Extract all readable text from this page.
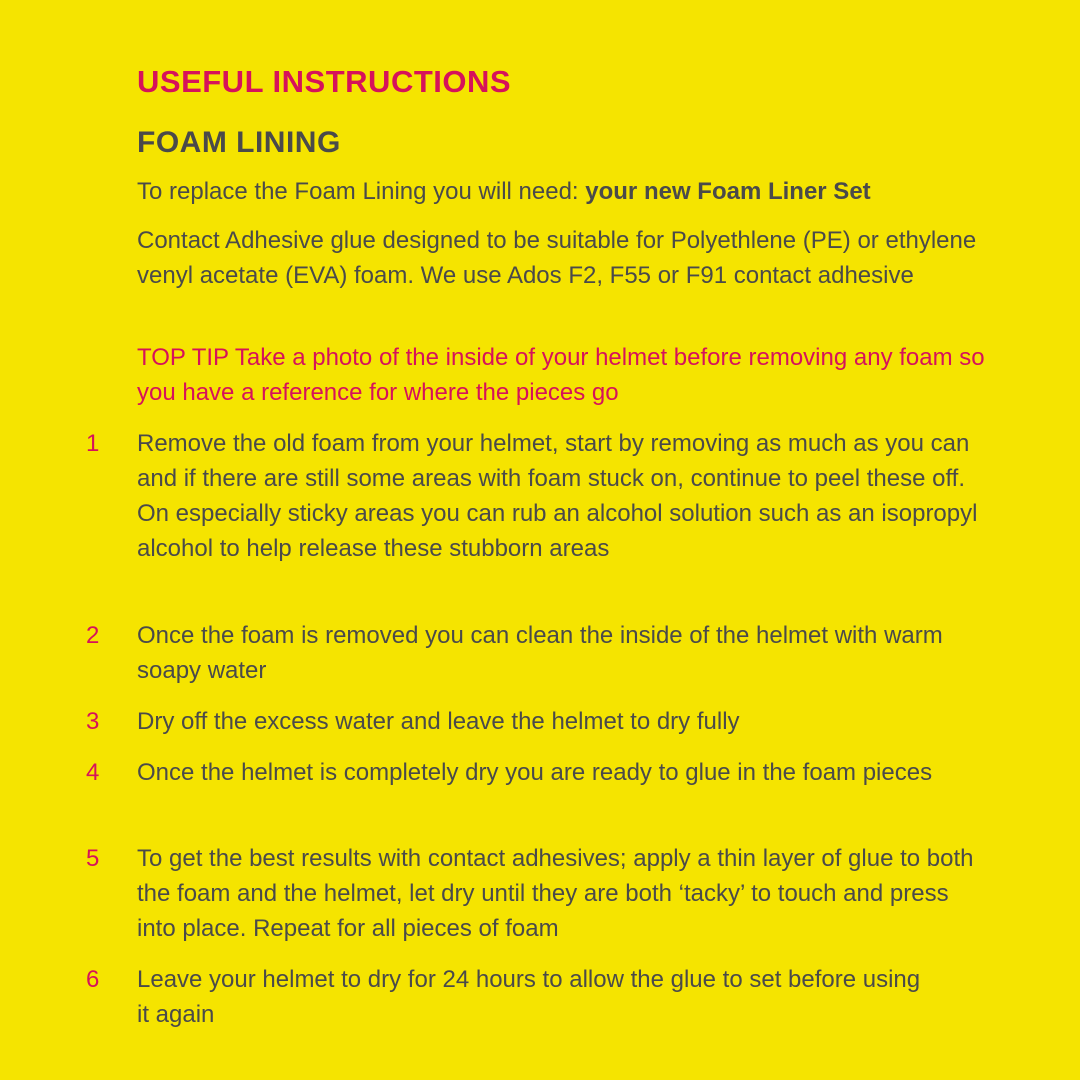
USEFUL INSTRUCTIONS
FOAM LINING

To replace the Foam Lining you will need: your new Foam Liner Set

Contact Adhesive glue designed to be suitable for Polyethlene (PE) or ethylene venyl acetate (EVA) foam. We use Ados F2, F55 or F91 contact adhesive

TOP TIP Take a photo of the inside of your helmet before removing any foam so you have a reference for where the pieces go

1 Remove the old foam from your helmet, start by removing as much as you can and if there are still some areas with foam stuck on, continue to peel these off. On especially sticky areas you can rub an alcohol solution such as an isopropyl alcohol to help release these stubborn areas
2 Once the foam is removed you can clean the inside of the helmet with warm soapy water
3 Dry off the excess water and leave the helmet to dry fully
4 Once the helmet is completely dry you are ready to glue in the foam pieces
5 To get the best results with contact adhesives; apply a thin layer of glue to both the foam and the helmet, let dry until they are both ‘tacky’ to touch and press into place. Repeat for all pieces of foam
6 Leave your helmet to dry for 24 hours to allow the glue to set before using it again
